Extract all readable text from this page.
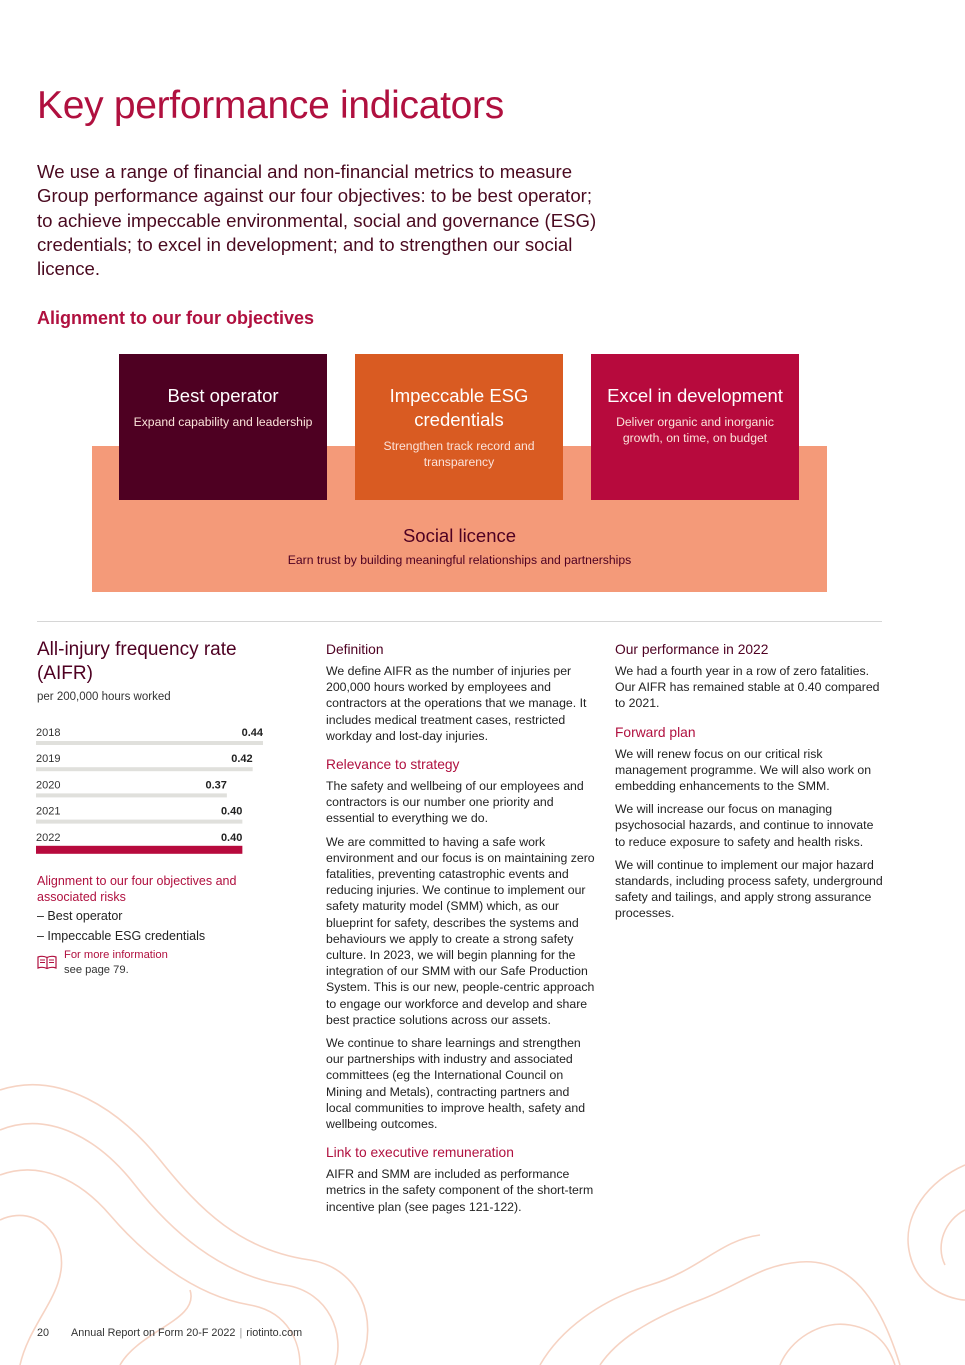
Key performance indicators

We use a range of financial and non-financial metrics to measure Group performance against our four objectives: to be best operator; to achieve impeccable environmental, social and governance (ESG) credentials; to excel in development; and to strengthen our social licence.

Alignment to our four objectives
Best operator
Expand capability and leadership
Impeccable ESG credentials
Strengthen track record and transparency
Excel in development
Deliver organic and inorganic growth, on time, on budget
Social licence
Earn trust by building meaningful relationships and partnerships
All-injury frequency rate (AIFR)
per 200,000 hours worked
2018	0.44
2019	0.42
2020	0.37
2021	0.40
2022	0.40
Alignment to our four objectives and associated risks
– Best operator
– Impeccable ESG credentials
For more information
see page 79.
Definition

We define AIFR as the number of injuries per 200,000 hours worked by employees and contractors at the operations that we manage. It includes medical treatment cases, restricted workday and lost-day injuries.

Relevance to strategy

The safety and wellbeing of our employees and contractors is our number one priority and essential to everything we do.

We are committed to having a safe work environment and our focus is on maintaining zero fatalities, preventing catastrophic events and reducing injuries. We continue to implement our safety maturity model (SMM) which, as our blueprint for safety, describes the systems and behaviours we apply to create a strong safety culture. In 2023, we will begin planning for the integration of our SMM with our Safe Production System. This is our new, people-centric approach to engage our workforce and develop and share best practice solutions across our assets.

We continue to share learnings and strengthen our partnerships with industry and associated committees (eg the International Council on Mining and Metals), contracting partners and local communities to improve health, safety and wellbeing outcomes.

Link to executive remuneration

AIFR and SMM are included as performance metrics in the safety component of the short-term incentive plan (see pages 121-122).

Our performance in 2022

We had a fourth year in a row of zero fatalities. Our AIFR has remained stable at 0.40 compared to 2021.

Forward plan

We will renew focus on our critical risk management programme. We will also work on embedding enhancements to the SMM.

We will increase our focus on managing psychosocial hazards, and continue to innovate to reduce exposure to safety and health risks.

We will continue to implement our major hazard standards, including process safety, underground safety and tailings, and apply strong assurance processes.

20 Annual Report on Form 20-F 2022 | riotinto.com
